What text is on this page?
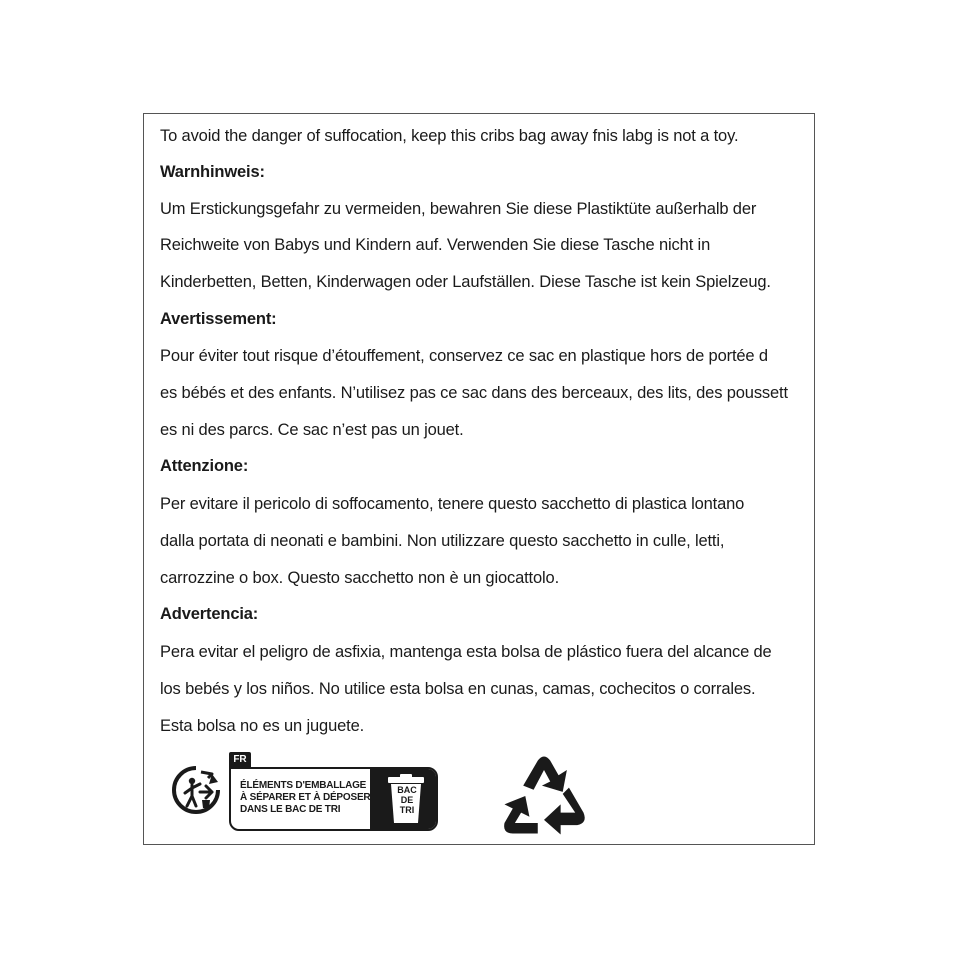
To avoid the danger of suffocation, keep this cribs bag away fnis labg is not a toy.
Warnhinweis:
Um Erstickungsgefahr zu vermeiden, bewahren Sie diese Plastiktüte außerhalb der
Reichweite von Babys und Kindern auf. Verwenden Sie diese Tasche nicht in
Kinderbetten, Betten, Kinderwagen oder Laufställen. Diese Tasche ist kein Spielzeug.
Avertissement:
Pour éviter tout risque d’étouffement, conservez ce sac en plastique hors de portée d
es bébés et des enfants. N’utilisez pas ce sac dans des berceaux, des lits, des poussett
es ni des parcs. Ce sac n’est pas un jouet.
Attenzione:
Per evitare il pericolo di soffocamento, tenere questo sacchetto di plastica lontano
dalla portata di neonati e bambini. Non utilizzare questo sacchetto in culle, letti,
carrozzine o box. Questo sacchetto non è un giocattolo.
Advertencia:
Pera evitar el peligro de asfixia, mantenga esta bolsa de plástico fuera del alcance de
los bebés y los niños. No utilice esta bolsa en cunas, camas, cochecitos o corrales.
Esta bolsa no es un juguete.
FR
ÉLÉMENTS D'EMBALLAGE
À SÉPARER ET À DÉPOSER
DANS LE BAC DE TRI
BAC
DE
TRI
